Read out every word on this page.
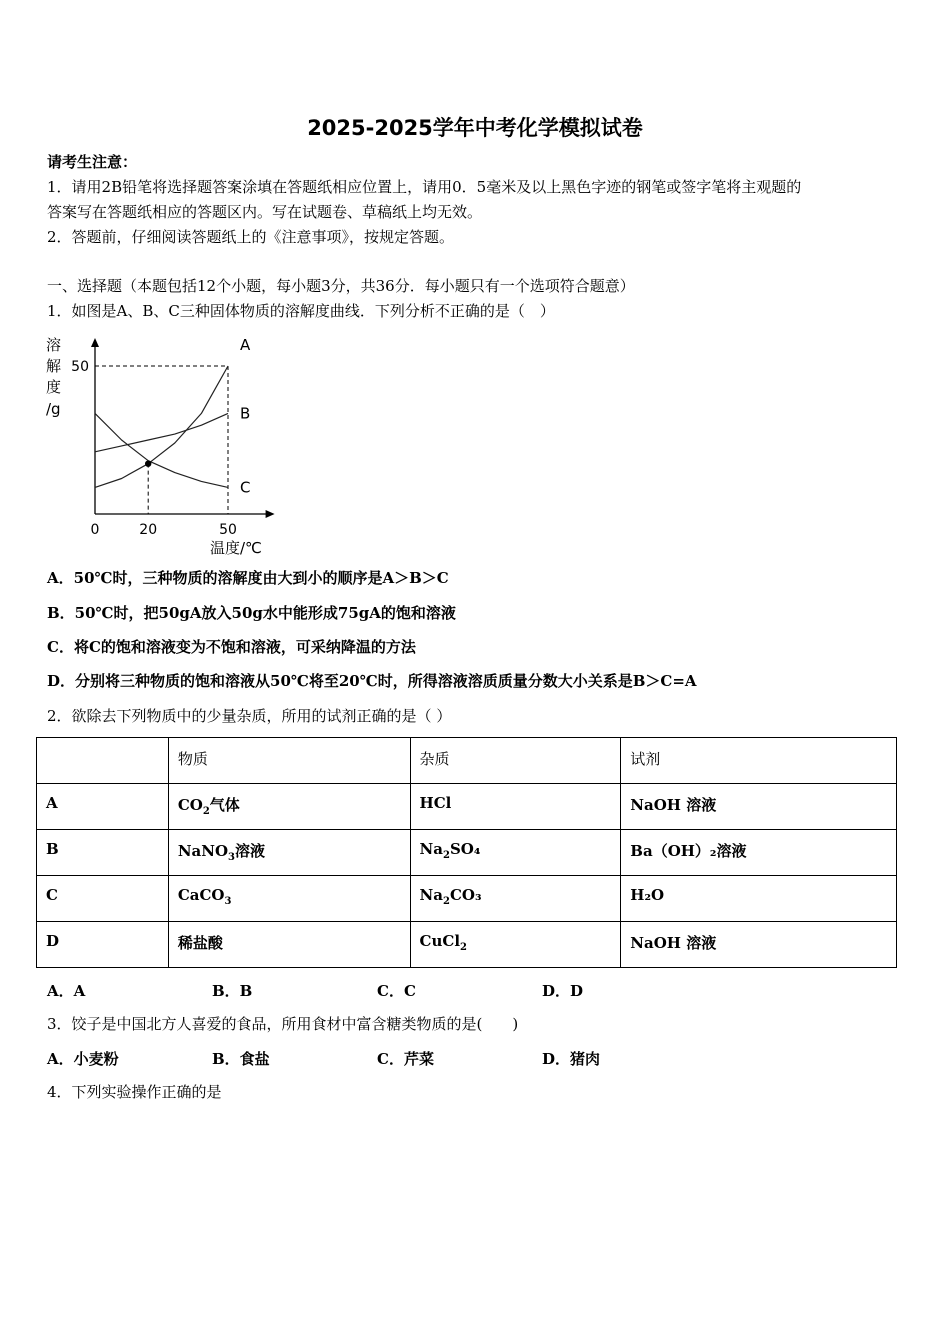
2025-2025学年中考化学模拟试卷
请考生注意：
1．请用2B铅笔将选择题答案涂填在答题纸相应位置上，请用0．5毫米及以上黑色字迹的钢笔或签字笔将主观题的
答案写在答题纸相应的答题区内。写在试题卷、草稿纸上均无效。
2．答题前，仔细阅读答题纸上的《注意事项》，按规定答题。
一、选择题（本题包括12个小题，每小题3分，共36分．每小题只有一个选项符合题意）
1．如图是A、B、C三种固体物质的溶解度曲线．下列分析不正确的是（　）
溶
解
度
/g
温度/℃
A
B
C
0	20	50
50
A．50℃时，三种物质的溶解度由大到小的顺序是A＞B＞C
B．50℃时，把50gA放入50g水中能形成75gA的饱和溶液
C．将C的饱和溶液变为不饱和溶液，可采纳降温的方法
D．分别将三种物质的饱和溶液从50℃将至20℃时，所得溶液溶质质量分数大小关系是B＞C=A
2．欲除去下列物质中的少量杂质，所用的试剂正确的是（ ）
	物质	杂质	试剂
A	$CO_2$气体	HCl	NaOH 溶液
B	NaNO$_3$溶液	$Na_2SO_4$	Ba（OH）₂溶液
C	CaCO$_3$	$Na_2CO_3$	H₂O
D	稀盐酸	CuCl$_2$	NaOH 溶液
A．A	B．B	C．C	D．D
3．饺子是中国北方人喜爱的食品，所用食材中富含糖类物质的是(　　)
A．小麦粉	B．食盐	C．芹菜	D．猪肉
4．下列实验操作正确的是
